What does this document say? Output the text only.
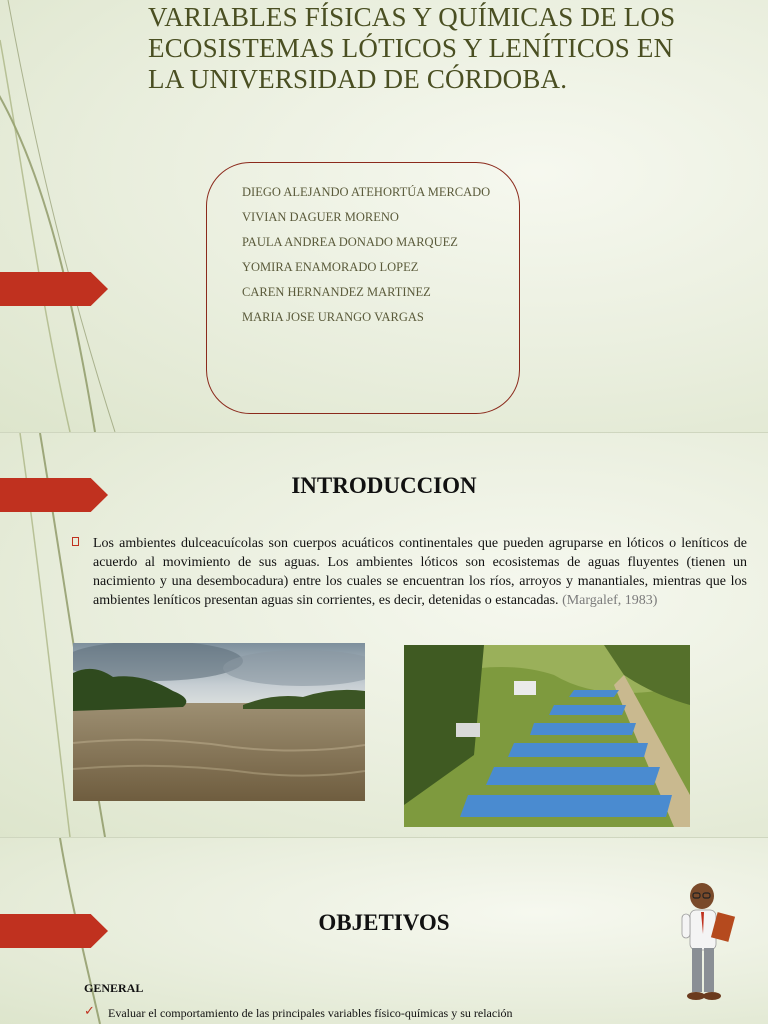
VARIABLES FÍSICAS Y QUÍMICAS DE LOS ECOSISTEMAS LÓTICOS Y LENÍTICOS EN LA UNIVERSIDAD DE CÓRDOBA.
DIEGO ALEJANDO ATEHORTÚA MERCADO
VIVIAN DAGUER MORENO
PAULA ANDREA DONADO MARQUEZ
YOMIRA ENAMORADO LOPEZ
CAREN HERNANDEZ MARTINEZ
MARIA JOSE URANGO VARGAS
INTRODUCCION

Los ambientes dulceacuícolas son cuerpos acuáticos continentales que pueden agruparse en lóticos o leníticos de acuerdo al movimiento de sus aguas. Los ambientes lóticos son ecosistemas de aguas fluyentes (tienen un nacimiento y una desembocadura) entre los cuales se encuentran los ríos, arroyos y manantiales, mientras que los ambientes leníticos presentan aguas sin corrientes, es decir, detenidas o estancadas. (Margalef, 1983)

OBJETIVOS

GENERAL

✓ Evaluar el comportamiento de las principales variables físico-químicas y su relación
